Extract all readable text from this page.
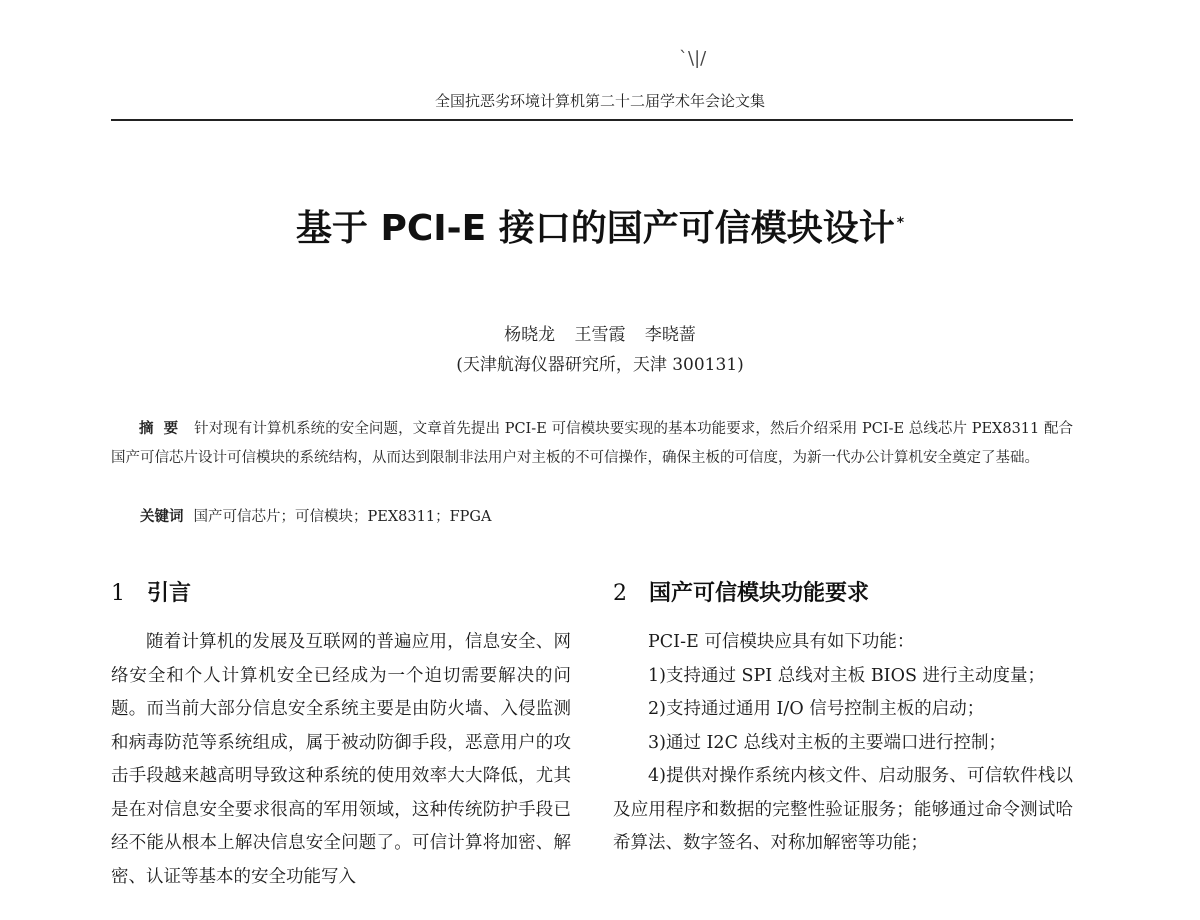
ˋ\|/
全国抗恶劣环境计算机第二十二届学术年会论文集
基于 PCI-E 接口的国产可信模块设计 *
杨晓龙 王雪霞 李晓蔷
(天津航海仪器研究所，天津 300131)
摘要 针对现有计算机系统的安全问题，文章首先提出 PCI-E 可信模块要实现的基本功能要求，然后介绍采用 PCI-E 总线芯片 PEX8311 配合国产可信芯片设计可信模块的系统结构，从而达到限制非法用户对主板的不可信操作，确保主板的可信度，为新一代办公计算机安全奠定了基础。
关键词 国产可信芯片；可信模块；PEX8311；FPGA
1 引言
随着计算机的发展及互联网的普遍应用，信息安全、网络安全和个人计算机安全已经成为一个迫切需要解决的问题。而当前大部分信息安全系统主要是由防火墙、入侵监测和病毒防范等系统组成，属于被动防御手段，恶意用户的攻击手段越来越高明导致这种系统的使用效率大大降低，尤其是在对信息安全要求很高的军用领域，这种传统防护手段已经不能从根本上解决信息安全问题了。可信计算将加密、解密、认证等基本的安全功能写入
2 国产可信模块功能要求
PCI-E 可信模块应具有如下功能：
1)支持通过 SPI 总线对主板 BIOS 进行主动度量；
2)支持通过通用 I/O 信号控制主板的启动；
3)通过 I2C 总线对主板的主要端口进行控制；
4)提供对操作系统内核文件、启动服务、可信软件栈以及应用程序和数据的完整性验证服务；能够通过命令测试哈希算法、数字签名、对称加解密等功能；
